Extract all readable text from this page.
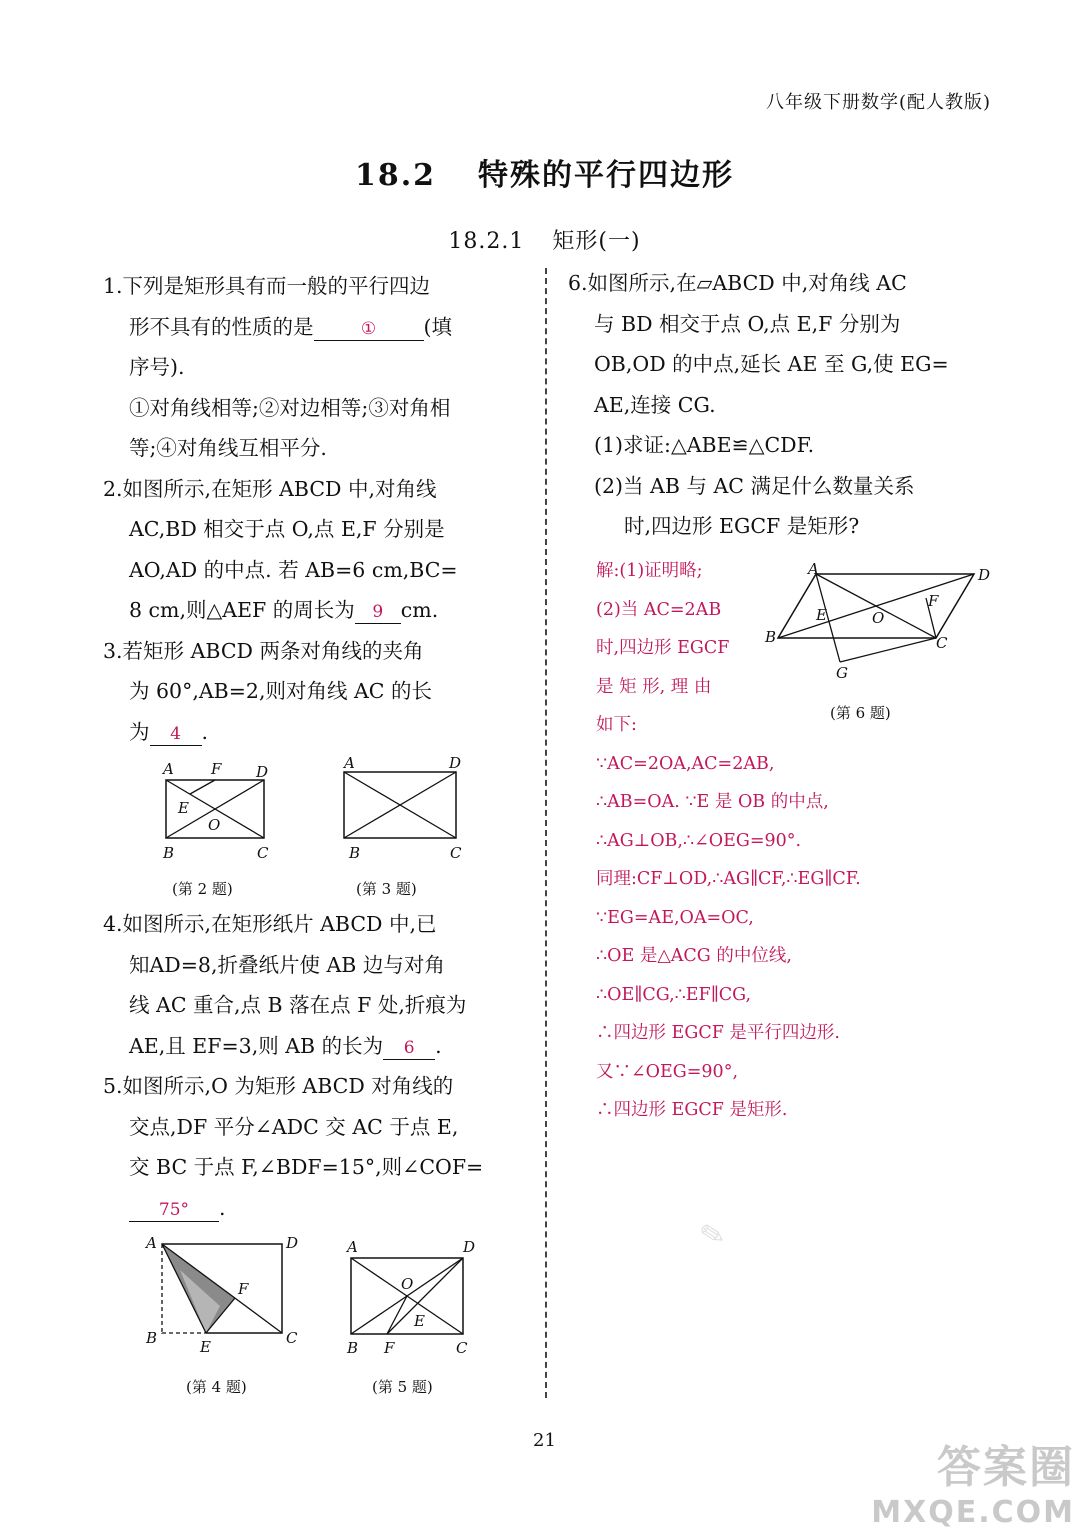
八年级下册数学(配人教版)
18.2 特殊的平行四边形
18.2.1 矩形(一)

1.下列是矩形具有而一般的平行四边

形不具有的性质的是	① (填

序号).

①对角线相等;②对边相等;③对角相

等;④对角线互相平分.

2.如图所示,在矩形 ABCD 中,对角线

AC,BD 相交于点 O,点 E,F 分别是

AO,AD 的中点. 若 AB=6 cm,BC=

8 cm,则△AEF 的周长为 9 cm.

3.若矩形 ABCD 两条对角线的夹角

为 60°,AB=2,则对角线 AC 的长

为 4 .

A F D
E
O
B	C
(第 2 题)
A	D
B	C
(第 3 题)

4.如图所示,在矩形纸片 ABCD 中,已

知AD=8,折叠纸片使 AB 边与对角

线 AC 重合,点 B 落在点 F 处,折痕为

AE,且 EF=3,则 AB 的长为 6 .

5.如图所示,O 为矩形 ABCD 对角线的

交点,DF 平分∠ADC 交 AC 于点 E,

交 BC 于点 F,∠BDF=15°,则∠COF=

75° .

A	D
F
B	E	C
(第 4 题)
A	D
O
E
B F	C
(第 5 题)

6.如图所示,在▱ABCD 中,对角线 AC

与 BD 相交于点 O,点 E,F 分别为

OB,OD 的中点,延长 AE 至 G,使 EG=

AE,连接 CG.

(1)求证:△ABE≌△CDF.

(2)当 AB 与 AC 满足什么数量关系

时,四边形 EGCF 是矩形?

解:(1)证明略;
(2)当 AC=2AB
时,四边形 EGCF
是 矩 形, 理 由
如下:
∵AC=2OA,AC=2AB,
∴AB=OA. ∵E 是 OB 的中点,
∴AG⊥OB,∴∠OEG=90°.
同理:CF⊥OD,∴AG∥CF,∴EG∥CF.
∵EG=AE,OA=OC,
∴OE 是△ACG 的中位线,
∴OE∥CG,∴EF∥CG,
∴四边形 EGCF 是平行四边形.
又∵∠OEG=90°,
∴四边形 EGCF 是矩形.
A	D
E	O
F
B	C
G
(第 6 题)
✎
21
答案圈
MXQE.COM
